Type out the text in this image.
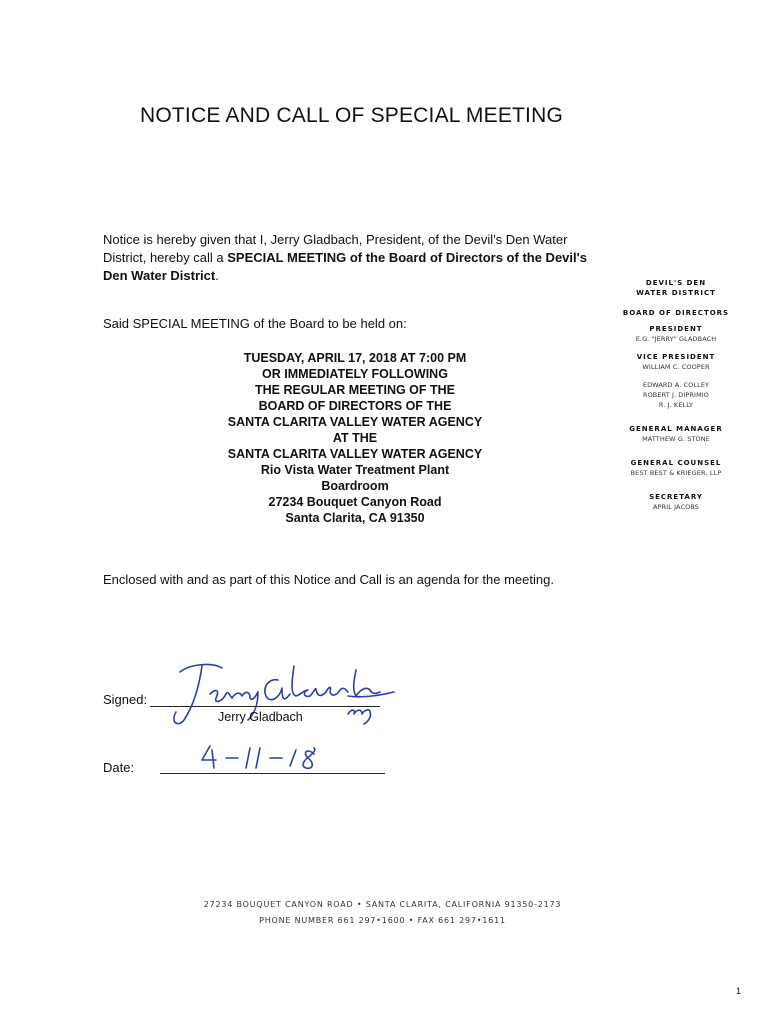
NOTICE AND CALL OF SPECIAL MEETING
Notice is hereby given that I, Jerry Gladbach, President, of the Devil's Den Water District, hereby call a SPECIAL MEETING of the Board of Directors of the Devil's Den Water District.
Said SPECIAL MEETING of the Board to be held on:
TUESDAY, APRIL 17, 2018 AT 7:00 PM
OR IMMEDIATELY FOLLOWING
THE REGULAR MEETING OF THE
BOARD OF DIRECTORS OF THE
SANTA CLARITA VALLEY WATER AGENCY
AT THE
SANTA CLARITA VALLEY WATER AGENCY
Rio Vista Water Treatment Plant
Boardroom
27234 Bouquet Canyon Road
Santa Clarita, CA 91350
Enclosed with and as part of this Notice and Call is an agenda for the meeting.
DEVIL'S DEN
WATER DISTRICT
BOARD OF DIRECTORS
PRESIDENT
E.G. "JERRY" GLADBACH
VICE PRESIDENT
WILLIAM C. COOPER
EDWARD A. COLLEY
ROBERT J. DIPRIMIO
R. J. KELLY
GENERAL MANAGER
MATTHEW G. STONE
GENERAL COUNSEL
BEST BEST & KRIEGER, LLP
SECRETARY
APRIL JACOBS
Signed:
Jerry Gladbach
Date:
27234 BOUQUET CANYON ROAD • SANTA CLARITA, CALIFORNIA 91350-2173
PHONE NUMBER 661 297•1600 • FAX 661 297•1611
1
